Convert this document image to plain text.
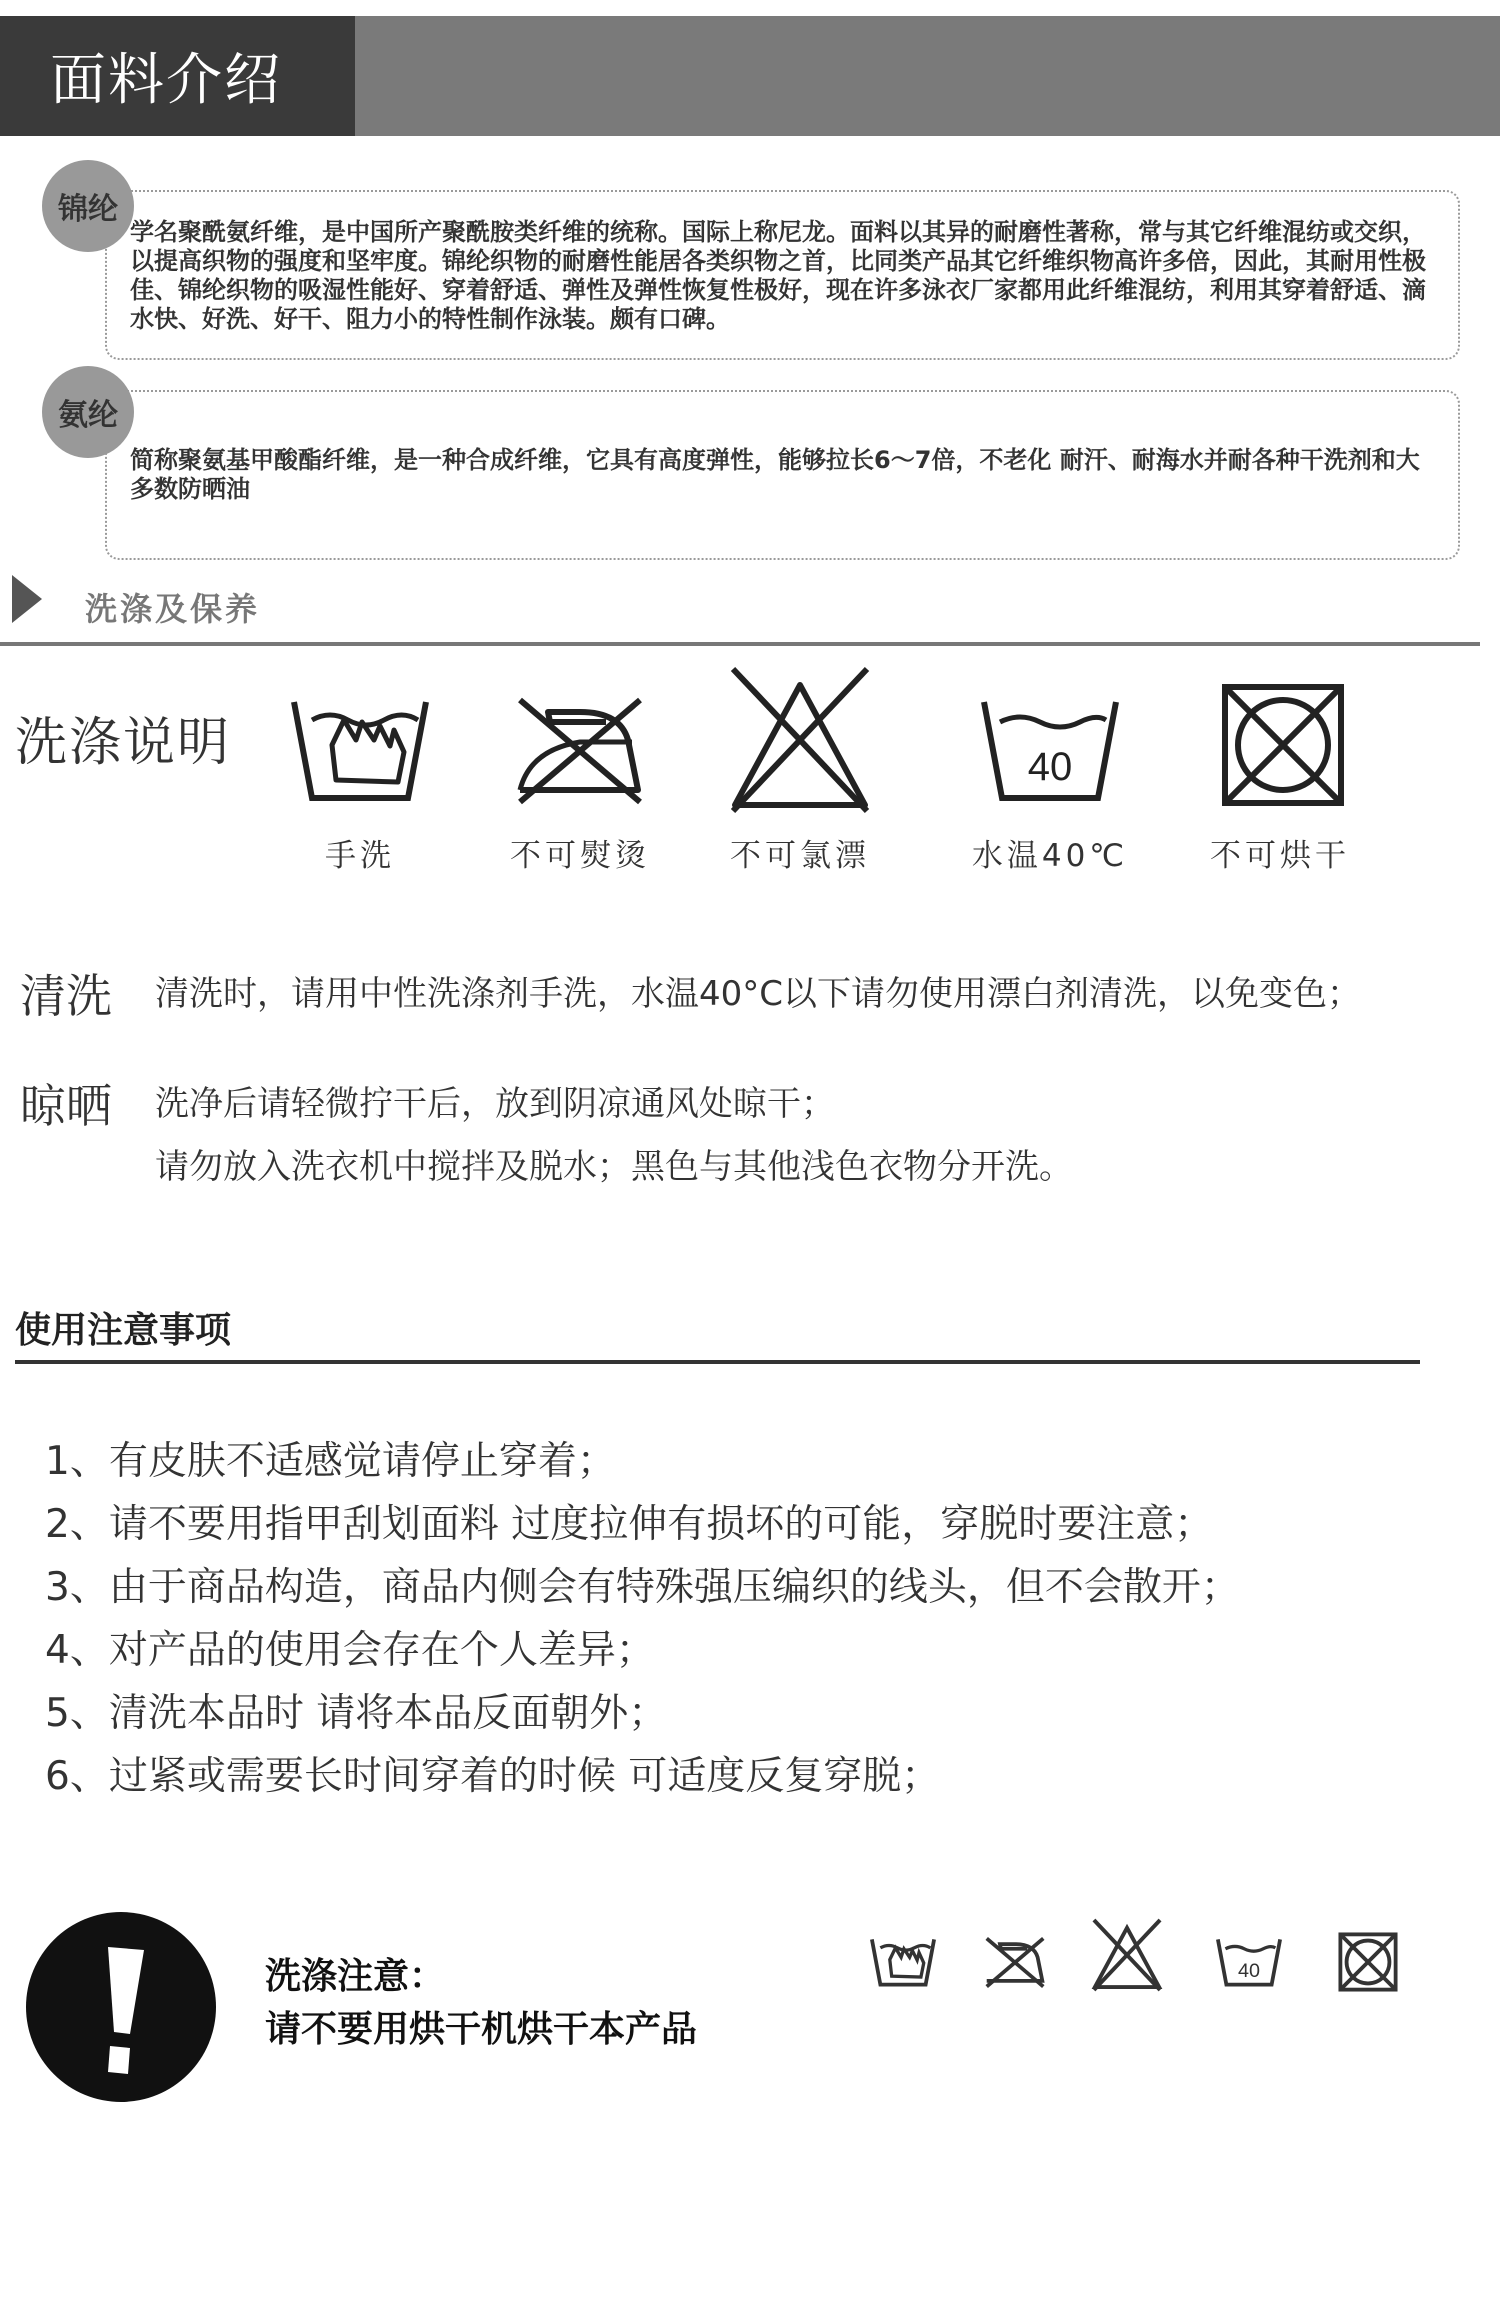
面料介绍
锦纶
学名聚酰氨纤维，是中国所产聚酰胺类纤维的统称。国际上称尼龙。面料以其异的耐磨性著称，常与其它纤维混纺或交织，以提高织物的强度和坚牢度。锦纶织物的耐磨性能居各类织物之首，比同类产品其它纤维织物高许多倍，因此，其耐用性极佳、锦纶织物的吸湿性能好、穿着舒适、弹性及弹性恢复性极好，现在许多泳衣厂家都用此纤维混纺，利用其穿着舒适、滴水快、好洗、好干、阻力小的特性制作泳装。颇有口碑。
氨纶
简称聚氨基甲酸酯纤维，是一种合成纤维，它具有高度弹性，能够拉长6～7倍，不老化 耐汗、耐海水并耐各种干洗剂和大多数防晒油
洗涤及保养
洗涤说明
手洗	不可熨烫	不可氯漂
40
水温40℃	不可烘干
清洗 清洗时，请用中性洗涤剂手洗，水温40°C以下请勿使用漂白剂清洗，以免变色；
晾晒 洗净后请轻微拧干后，放到阴凉通风处晾干；
请勿放入洗衣机中搅拌及脱水；黑色与其他浅色衣物分开洗。
使用注意事项
1、有皮肤不适感觉请停止穿着；
2、请不要用指甲刮划面料 过度拉伸有损坏的可能，穿脱时要注意；
3、由于商品构造，商品内侧会有特殊强压编织的线头，但不会散开；
4、对产品的使用会存在个人差异；
5、清洗本品时 请将本品反面朝外；
6、过紧或需要长时间穿着的时候 可适度反复穿脱；
洗涤注意：
请不要用烘干机烘干本产品
40
